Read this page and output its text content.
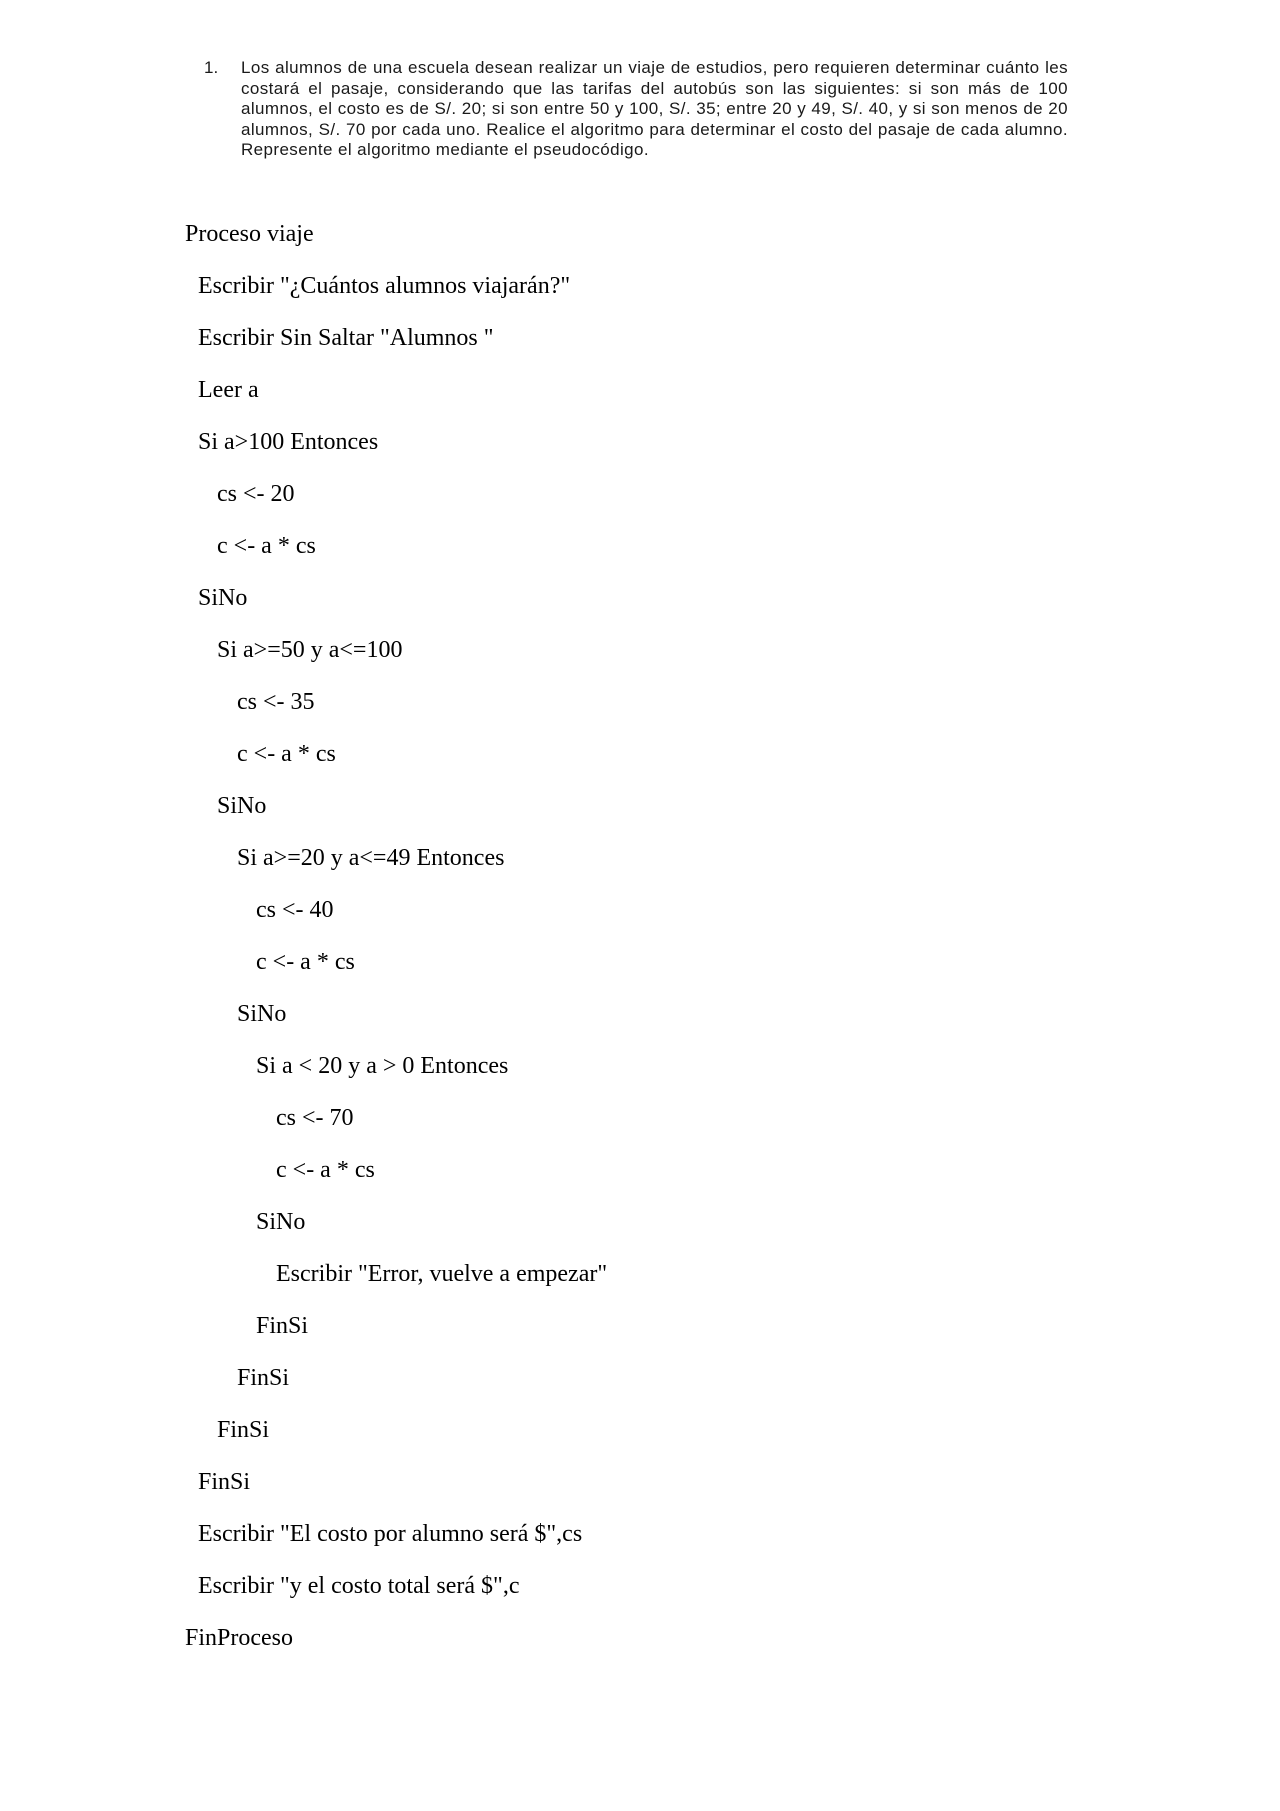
1.	Los alumnos de una escuela desean realizar un viaje de estudios, pero requieren determinar cuánto les costará el pasaje, considerando que las tarifas del autobús son las siguientes: si son más de 100 alumnos, el costo es de S/. 20; si son entre 50 y 100, S/. 35; entre 20 y 49, S/. 40, y si son menos de 20 alumnos, S/. 70 por cada uno. Realice el algoritmo para determinar el costo del pasaje de cada alumno. Represente el algoritmo mediante el pseudocódigo.
Proceso viaje
Escribir "¿Cuántos alumnos viajarán?"
Escribir Sin Saltar "Alumnos "
Leer a
Si a>100 Entonces
cs <- 20
c <- a * cs
SiNo
Si a>=50 y a<=100
cs <- 35
c <- a * cs
SiNo
Si a>=20 y a<=49 Entonces
cs <- 40
c <- a * cs
SiNo
Si a < 20 y a > 0 Entonces
cs <- 70
c <- a * cs
SiNo
Escribir "Error, vuelve a empezar"
FinSi
FinSi
FinSi
FinSi
Escribir "El costo por alumno será $",cs
Escribir "y el costo total será $",c
FinProceso
